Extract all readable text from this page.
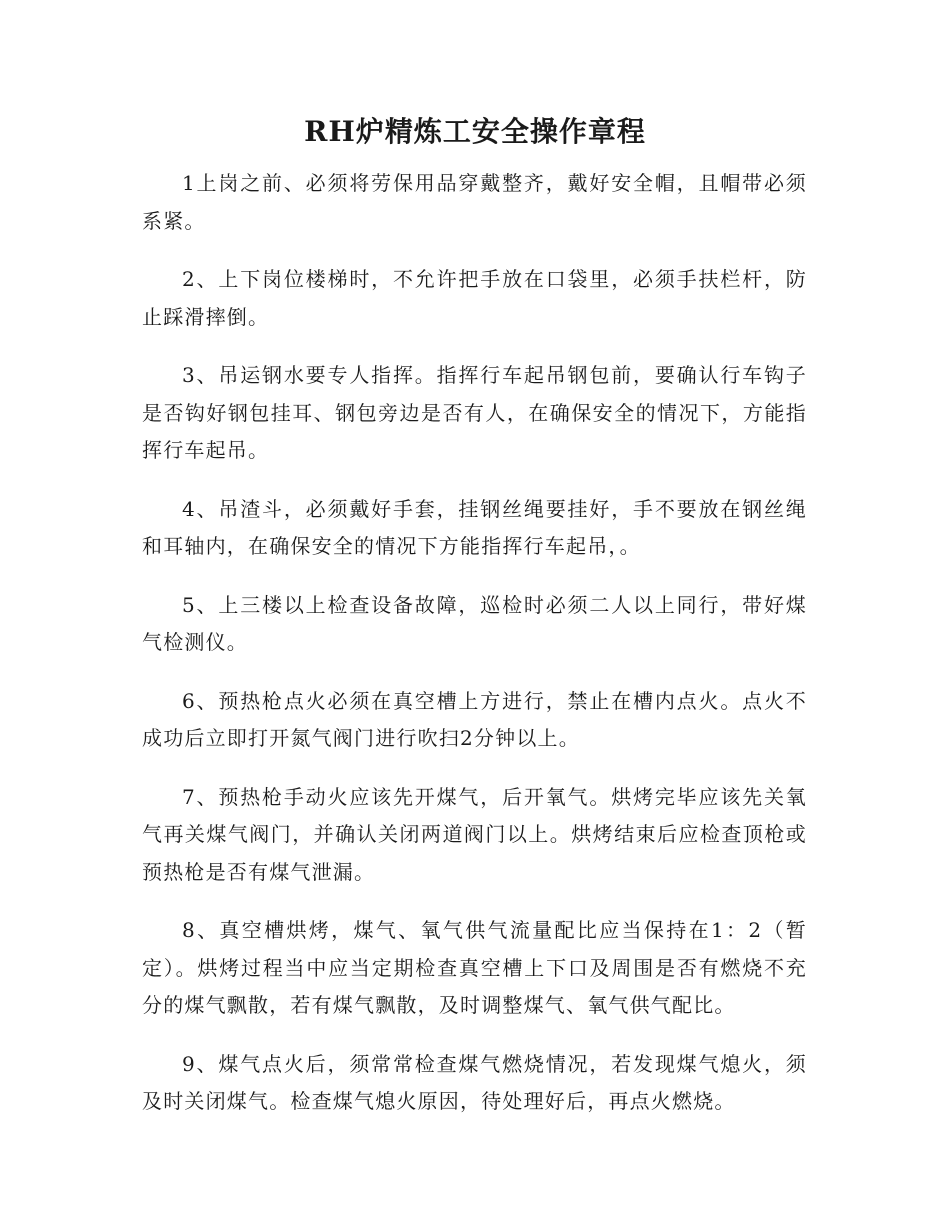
RH炉精炼工安全操作章程

1上岗之前、必须将劳保用品穿戴整齐，戴好安全帽，且帽带必须系紧。

2、上下岗位楼梯时，不允许把手放在口袋里，必须手扶栏杆，防止踩滑摔倒。

3、吊运钢水要专人指挥。指挥行车起吊钢包前，要确认行车钩子是否钩好钢包挂耳、钢包旁边是否有人，在确保安全的情况下，方能指挥行车起吊。

4、吊渣斗，必须戴好手套，挂钢丝绳要挂好，手不要放在钢丝绳和耳轴内，在确保安全的情况下方能指挥行车起吊，。

5、上三楼以上检查设备故障，巡检时必须二人以上同行，带好煤气检测仪。

6、预热枪点火必须在真空槽上方进行，禁止在槽内点火。点火不成功后立即打开氮气阀门进行吹扫2分钟以上。

7、预热枪手动火应该先开煤气，后开氧气。烘烤完毕应该先关氧气再关煤气阀门，并确认关闭两道阀门以上。烘烤结束后应检查顶枪或预热枪是否有煤气泄漏。

8、真空槽烘烤，煤气、氧气供气流量配比应当保持在1：2（暂定）。烘烤过程当中应当定期检查真空槽上下口及周围是否有燃烧不充分的煤气飘散，若有煤气飘散，及时调整煤气、氧气供气配比。

9、煤气点火后，须常常检查煤气燃烧情况，若发现煤气熄火，须及时关闭煤气。检查煤气熄火原因，待处理好后，再点火燃烧。
